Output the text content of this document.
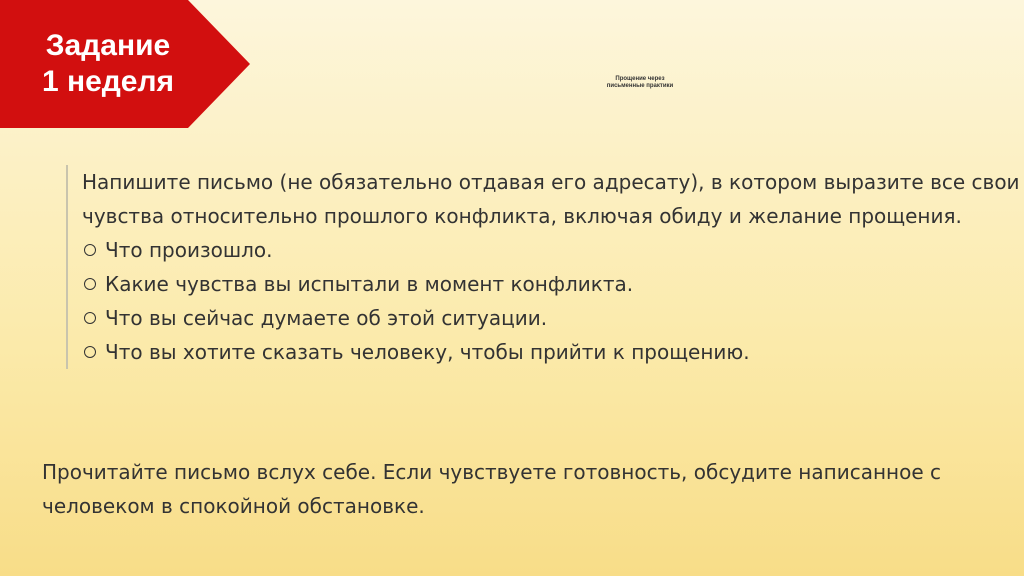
Задание
1 неделя	Прощение через
письменные практики

Напишите письмо (не обязательно отдавая его адресату), в котором выразите все свои чувства относительно прошлого конфликта, включая обиду и желание прощения.

Что произошло.
Какие чувства вы испытали в момент конфликта.
Что вы сейчас думаете об этой ситуации.
Что вы хотите сказать человеку, чтобы прийти к прощению.

Прочитайте письмо вслух себе. Если чувствуете готовность, обсудите написанное с человеком в спокойной обстановке.
